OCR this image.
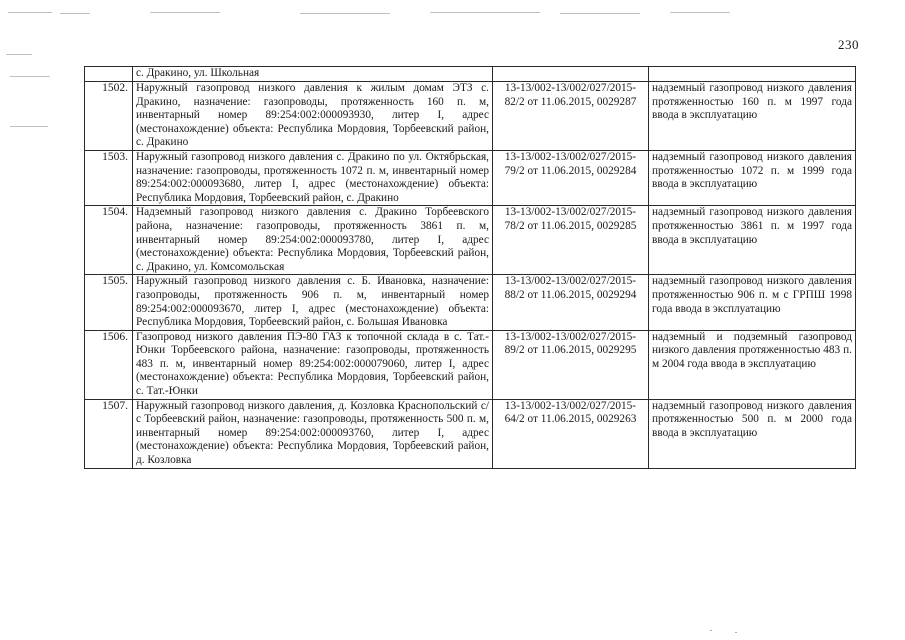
230
	с. Дракино, ул. Школьная		
1502.	Наружный газопровод низкого давления к жилым домам ЭТЗ с. Дракино, назначение: газопроводы, протяженность 160 п. м, инвентарный номер 89:254:002:000093930, литер I, адрес (местонахождение) объекта: Республика Мордовия, Торбеевский район, с. Дракино	13-13/002-13/002/027/2015-82/2 от 11.06.2015, 0029287	надземный газопровод низкого давления протяженностью 160 п. м 1997 года ввода в эксплуатацию
1503.	Наружный газопровод низкого давления с. Дракино по ул. Октябрьская, назначение: газопроводы, протяженность 1072 п. м, инвентарный номер 89:254:002:000093680, литер I, адрес (местонахождение) объекта: Республика Мордовия, Торбеевский район, с. Дракино	13-13/002-13/002/027/2015-79/2 от 11.06.2015, 0029284	надземный газопровод низкого давления протяженностью 1072 п. м 1999 года ввода в эксплуатацию
1504.	Надземный газопровод низкого давления с. Дракино Торбеевского района, назначение: газопроводы, протяженность 3861 п. м, инвентарный номер 89:254:002:000093780, литер I, адрес (местонахождение) объекта: Республика Мордовия, Торбеевский район, с. Дракино, ул. Комсомольская	13-13/002-13/002/027/2015-78/2 от 11.06.2015, 0029285	надземный газопровод низкого давления протяженностью 3861 п. м 1997 года ввода в эксплуатацию
1505.	Наружный газопровод низкого давления с. Б. Ивановка, назначение: газопроводы, протяженность 906 п. м, инвентарный номер 89:254:002:000093670, литер I, адрес (местонахождение) объекта: Республика Мордовия, Торбеевский район, с. Большая Ивановка	13-13/002-13/002/027/2015-88/2 от 11.06.2015, 0029294	надземный газопровод низкого давления протяженностью 906 п. м с ГРПШ 1998 года ввода в эксплуатацию
1506.	Газопровод низкого давления ПЭ-80 ГАЗ к топочной склада в с. Тат.-Юнки Торбеевского района, назначение: газопроводы, протяженность 483 п. м, инвентарный номер 89:254:002:000079060, литер I, адрес (местонахождение) объекта: Республика Мордовия, Торбеевский район, с. Тат.-Юнки	13-13/002-13/002/027/2015-89/2 от 11.06.2015, 0029295	надземный и подземный газопровод низкого давления протяженностью 483 п. м 2004 года ввода в эксплуатацию
1507.	Наружный газопровод низкого давления, д. Козловка Краснопольский с/с Торбеевский район, назначение: газопроводы, протяженность 500 п. м, инвентарный номер 89:254:002:000093760, литер I, адрес (местонахождение) объекта: Республика Мордовия, Торбеевский район, д. Козловка	13-13/002-13/002/027/2015-64/2 от 11.06.2015, 0029263	надземный газопровод низкого давления протяженностью 500 п. м 2000 года ввода в эксплуатацию
